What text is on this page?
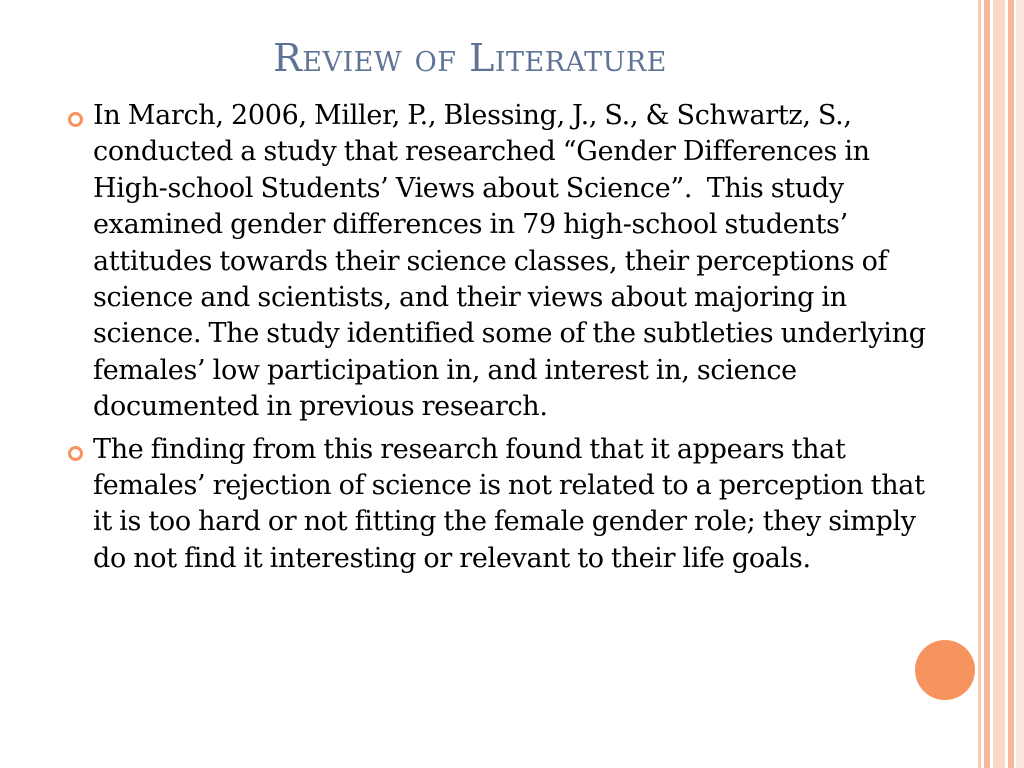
Review of Literature
In March, 2006, Miller, P., Blessing, J., S., & Schwartz, S., conducted a study that researched “Gender Differences in High-school Students’ Views about Science”.  This study examined gender differences in 79 high-school students’ attitudes towards their science classes, their perceptions of science and scientists, and their views about majoring in science. The study identified some of the subtleties underlying females’ low participation in, and interest in, science documented in previous research.
The finding from this research found that it appears that females’ rejection of science is not related to a perception that it is too hard or not fitting the female gender role; they simply do not find it interesting or relevant to their life goals.
